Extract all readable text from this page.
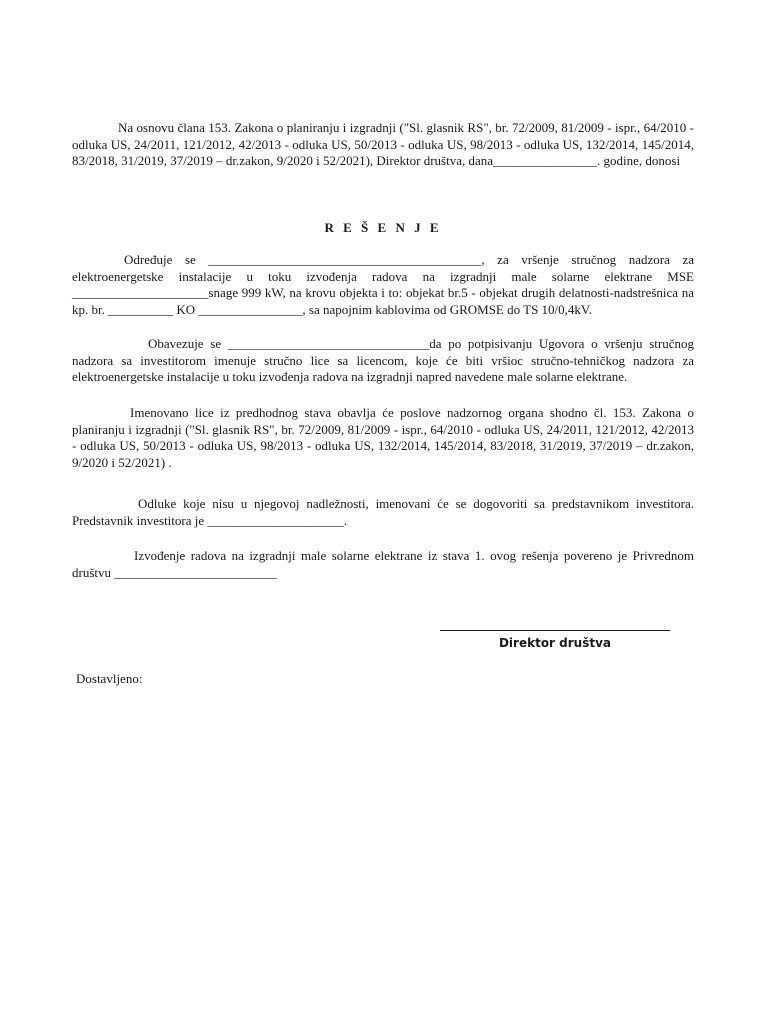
Na osnovu člana 153. Zakona o planiranju i izgradnji ("Sl. glasnik RS", br. 72/2009, 81/2009 - ispr., 64/2010 - odluka US, 24/2011, 121/2012, 42/2013 - odluka US, 50/2013 - odluka US, 98/2013 - odluka US, 132/2014, 145/2014, 83/2018, 31/2019, 37/2019 – dr.zakon, 9/2020 i 52/2021), Direktor društva, dana________________. godine, donosi

R E Š E N J E

Određuje se __________________________________________, za vršenje stručnog nadzora za elektroenergetske instalacije u toku izvođenja radova na izgradnji male solarne elektrane MSE _____________________snage 999 kW, na krovu objekta i to: objekat br.5 - objekat drugih delatnosti-nadstrešnica na kp. br. __________ KO ________________, sa napojnim kablovima od GROMSE do TS 10/0,4kV.

Obavezuje se _______________________________da po potpisivanju Ugovora o vršenju stručnog nadzora sa investitorom imenuje stručno lice sa licencom, koje će biti vršioc stručno-tehničkog nadzora za elektroenergetske instalacije u toku izvođenja radova na izgradnji napred navedene male solarne elektrane.

Imenovano lice iz predhodnog stava obavlja će poslove nadzornog organa shodno čl. 153. Zakona o planiranju i izgradnji ("Sl. glasnik RS", br. 72/2009, 81/2009 - ispr., 64/2010 - odluka US, 24/2011, 121/2012, 42/2013 - odluka US, 50/2013 - odluka US, 98/2013 - odluka US, 132/2014, 145/2014, 83/2018, 31/2019, 37/2019 – dr.zakon, 9/2020 i 52/2021) .

Odluke koje nisu u njegovoj nadležnosti, imenovani će se dogovoriti sa predstavnikom investitora. Predstavnik investitora je _____________________.

Izvođenje radova na izgradnji male solarne elektrane iz stava 1. ovog rešenja povereno je Privrednom društvu _________________________

Direktor društva
Dostavljeno:
